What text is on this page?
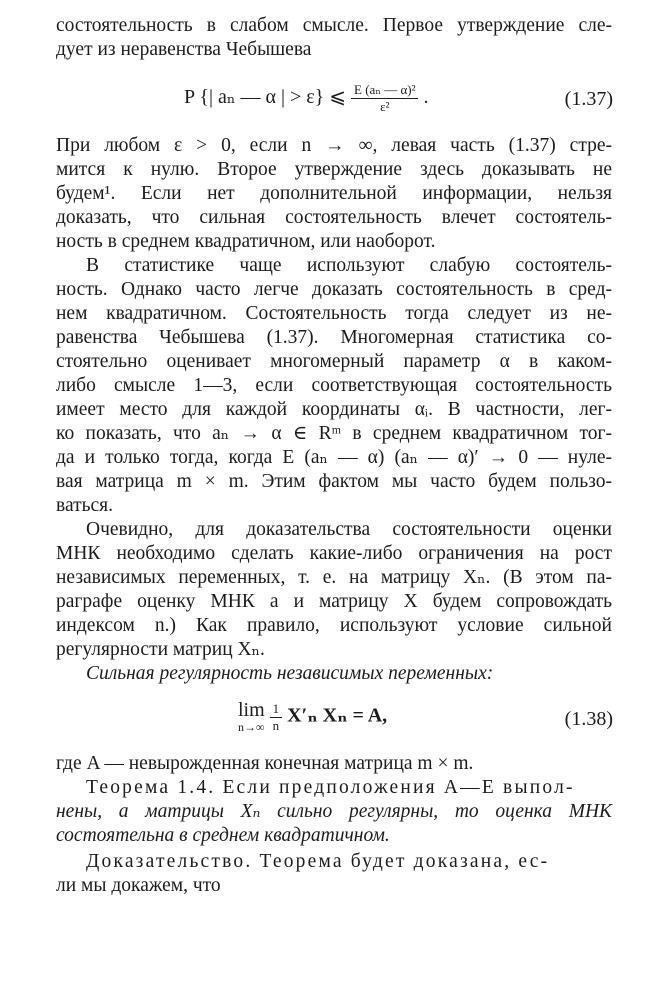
состоятельность в слабом смысле. Первое утверждение сле-
дует из неравенства Чебышева
P {| aₙ — α | > ε} ⩽ $\frac{\text{E (aₙ — α)²}}{\text{ε²}}$ .	(1.37)
При любом ε > 0, если n → ∞, левая часть (1.37) стре-
мится к нулю. Второе утверждение здесь доказывать не
будем¹. Если нет дополнительной информации, нельзя
доказать, что сильная состоятельность влечет состоятель-
ность в среднем квадратичном, или наоборот.
В статистике чаще используют слабую состоятель-
ность. Однако часто легче доказать состоятельность в сред-
нем квадратичном. Состоятельность тогда следует из не-
равенства Чебышева (1.37). Многомерная статистика со-
стоятельно оценивает многомерный параметр α в каком-
либо смысле 1—3, если соответствующая состоятельность
имеет место для каждой координаты αᵢ. В частности, лег-
ко показать, что aₙ → α ∈ Rᵐ в среднем квадратичном тог-
да и только тогда, когда E (aₙ — α) (aₙ — α)′ → 0 — нуле-
вая матрица m × m. Этим фактом мы часто будем пользо-
ваться.
Очевидно, для доказательства состоятельности оценки
МНК необходимо сделать какие-либо ограничения на рост
независимых переменных, т. е. на матрицу Xₙ. (В этом па-
раграфе оценку МНК a и матрицу X будем сопровождать
индексом n.) Как правило, используют условие сильной
регулярности матриц Xₙ.
Сильная регулярность независимых переменных:
lim
n→∞
$\frac{1}{n} X'_n$ Xₙ = A,	(1.38)
где A — невырожденная конечная матрица m × m.
Теорема 1.4. Если предположения А—Е выпол-
нены, а матрицы Xₙ сильно регулярны, то оценка МНК
состоятельна в среднем квадратичном.
Доказательство. Теорема будет доказана, ес-
ли мы докажем, что
